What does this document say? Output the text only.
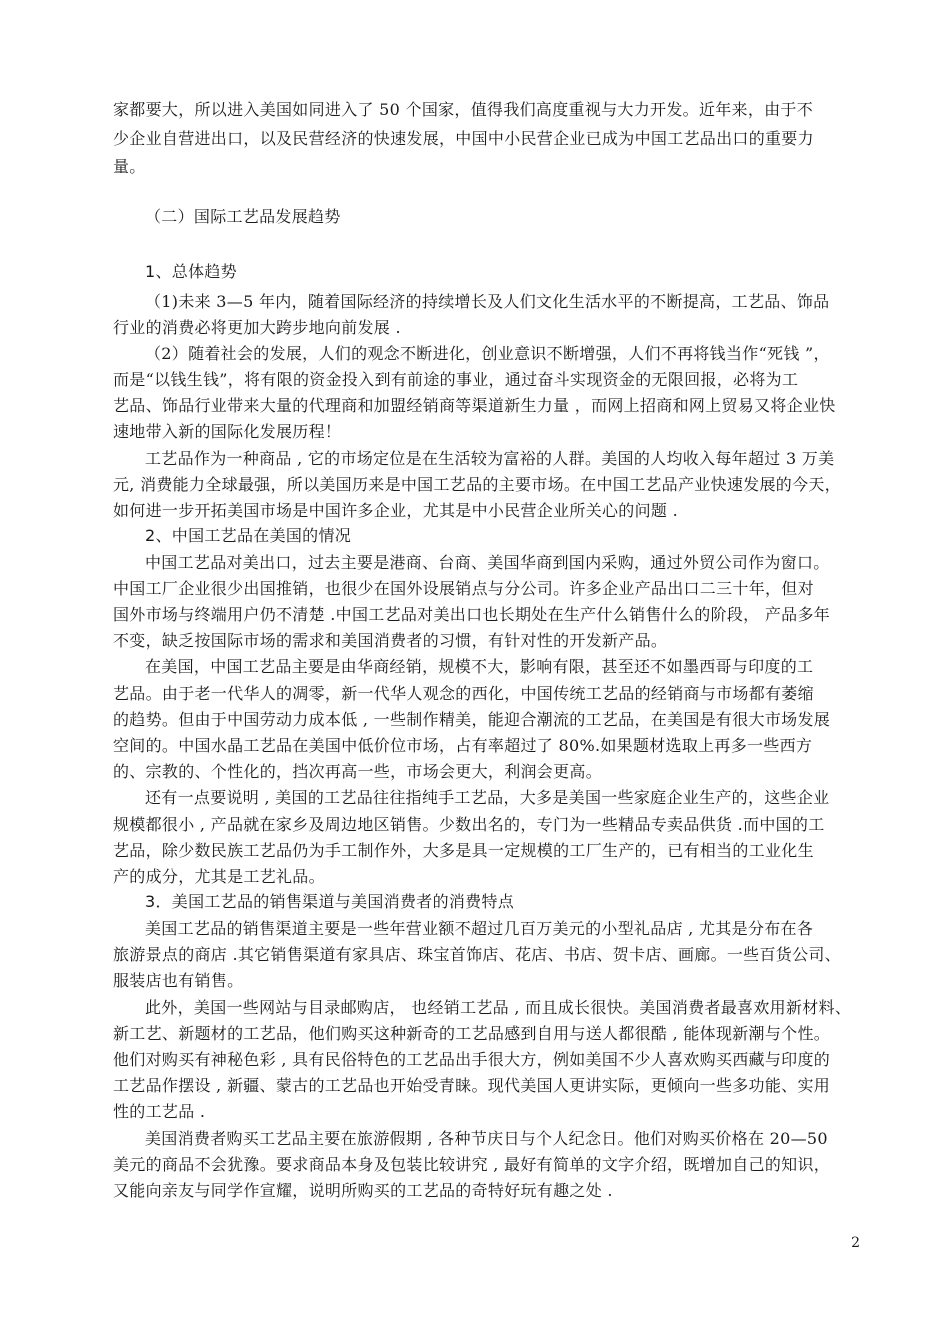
家都要大，所以进入美国如同进入了 50 个国家，值得我们高度重视与大力开发。近年来，由于不
少企业自营进出口，以及民营经济的快速发展，中国中小民营企业已成为中国工艺品出口的重要力
量。
（二）国际工艺品发展趋势
1、总体趋势
（1)未来 3—5 年内，随着国际经济的持续增长及人们文化生活水平的不断提高，工艺品、饰品
行业的消费必将更加大跨步地向前发展 .
（2）随着社会的发展，人们的观念不断进化，创业意识不断增强，人们不再将钱当作“死钱 ”，
而是“以钱生钱”，将有限的资金投入到有前途的事业，通过奋斗实现资金的无限回报，必将为工
艺品、饰品行业带来大量的代理商和加盟经销商等渠道新生力量 ，而网上招商和网上贸易又将企业快
速地带入新的国际化发展历程！
工艺品作为一种商品 , 它的市场定位是在生活较为富裕的人群。美国的人均收入每年超过 3 万美
元, 消费能力全球最强，所以美国历来是中国工艺品的主要市场。在中国工艺品产业快速发展的今天，
如何进一步开拓美国市场是中国许多企业，尤其是中小民营企业所关心的问题 .
2、中国工艺品在美国的情况
中国工艺品对美出口，过去主要是港商、台商、美国华商到国内采购，通过外贸公司作为窗口。
中国工厂企业很少出国推销，也很少在国外设展销点与分公司。许多企业产品出口二三十年，但对
国外市场与终端用户仍不清楚 .中国工艺品对美出口也长期处在生产什么销售什么的阶段， 产品多年
不变，缺乏按国际市场的需求和美国消费者的习惯，有针对性的开发新产品。
在美国，中国工艺品主要是由华商经销，规模不大，影响有限，甚至还不如墨西哥与印度的工
艺品。由于老一代华人的凋零，新一代华人观念的西化，中国传统工艺品的经销商与市场都有萎缩
的趋势。但由于中国劳动力成本低 , 一些制作精美，能迎合潮流的工艺品，在美国是有很大市场发展
空间的。中国水晶工艺品在美国中低价位市场，占有率超过了 80%.如果题材选取上再多一些西方
的、宗教的、个性化的，挡次再高一些，市场会更大，利润会更高。
还有一点要说明 , 美国的工艺品往往指纯手工艺品，大多是美国一些家庭企业生产的，这些企业
规模都很小 , 产品就在家乡及周边地区销售。少数出名的，专门为一些精品专卖品供货 .而中国的工
艺品，除少数民族工艺品仍为手工制作外，大多是具一定规模的工厂生产的，已有相当的工业化生
产的成分，尤其是工艺礼品。
3．美国工艺品的销售渠道与美国消费者的消费特点
美国工艺品的销售渠道主要是一些年营业额不超过几百万美元的小型礼品店 , 尤其是分布在各
旅游景点的商店 .其它销售渠道有家具店、珠宝首饰店、花店、书店、贺卡店、画廊。一些百货公司、
服装店也有销售。
此外，美国一些网站与目录邮购店， 也经销工艺品 , 而且成长很快。美国消费者最喜欢用新材料、
新工艺、新题材的工艺品，他们购买这种新奇的工艺品感到自用与送人都很酷 , 能体现新潮与个性。
他们对购买有神秘色彩 , 具有民俗特色的工艺品出手很大方，例如美国不少人喜欢购买西藏与印度的
工艺品作摆设 , 新疆、蒙古的工艺品也开始受青睐。现代美国人更讲实际，更倾向一些多功能、实用
性的工艺品 .
美国消费者购买工艺品主要在旅游假期 , 各种节庆日与个人纪念日。他们对购买价格在 20—50
美元的商品不会犹豫。要求商品本身及包装比较讲究 , 最好有简单的文字介绍，既增加自己的知识，
又能向亲友与同学作宣耀，说明所购买的工艺品的奇特好玩有趣之处 .
2
